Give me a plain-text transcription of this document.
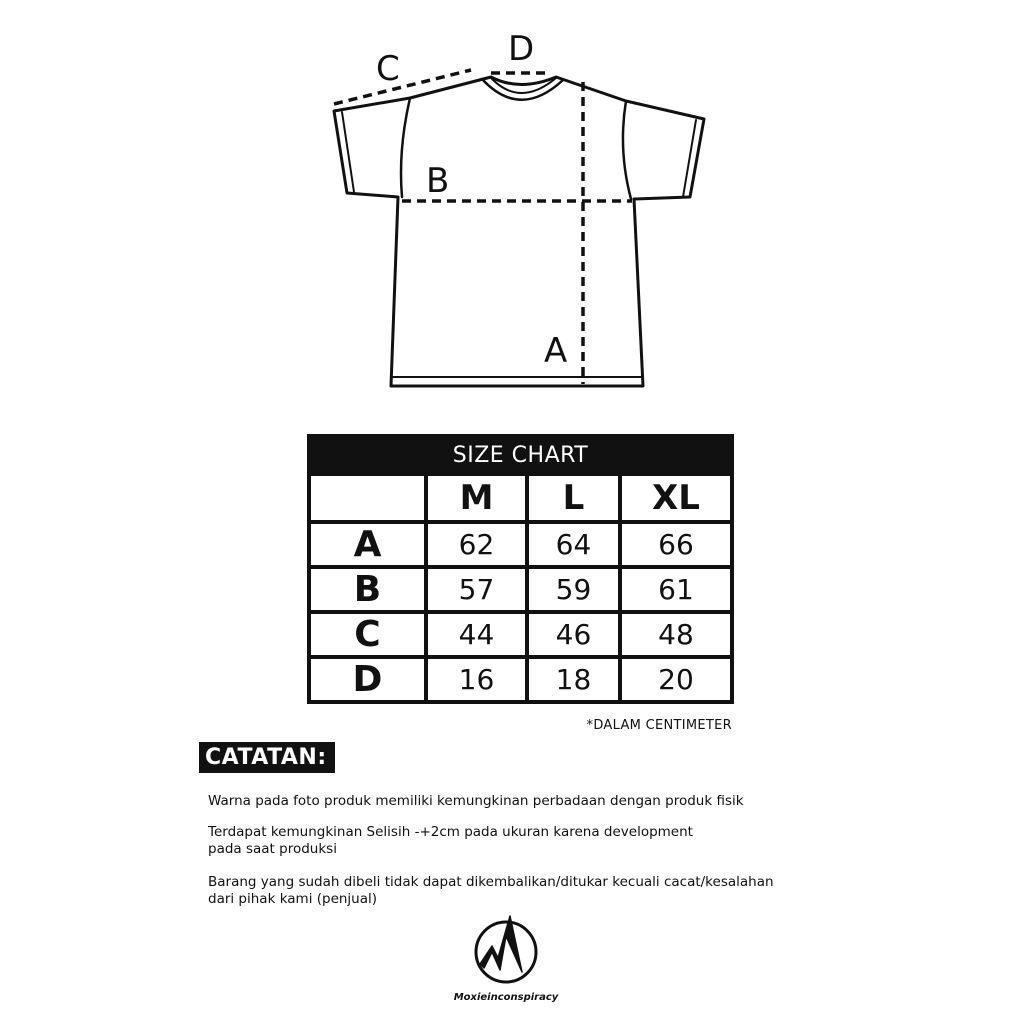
A
B
C	D
SIZE CHART			
	M	L	XL
A	62	64	66
B	57	59	61
C	44	46	48
D	16	18	20
*DALAM CENTIMETER
CATATAN:
Warna pada foto produk memiliki kemungkinan perbadaan dengan produk fisik
Terdapat kemungkinan Selisih -+2cm pada ukuran karena development
pada saat produksi
Barang yang sudah dibeli tidak dapat dikembalikan/ditukar kecuali cacat/kesalahan
dari pihak kami (penjual)
Moxieinconspiracy
